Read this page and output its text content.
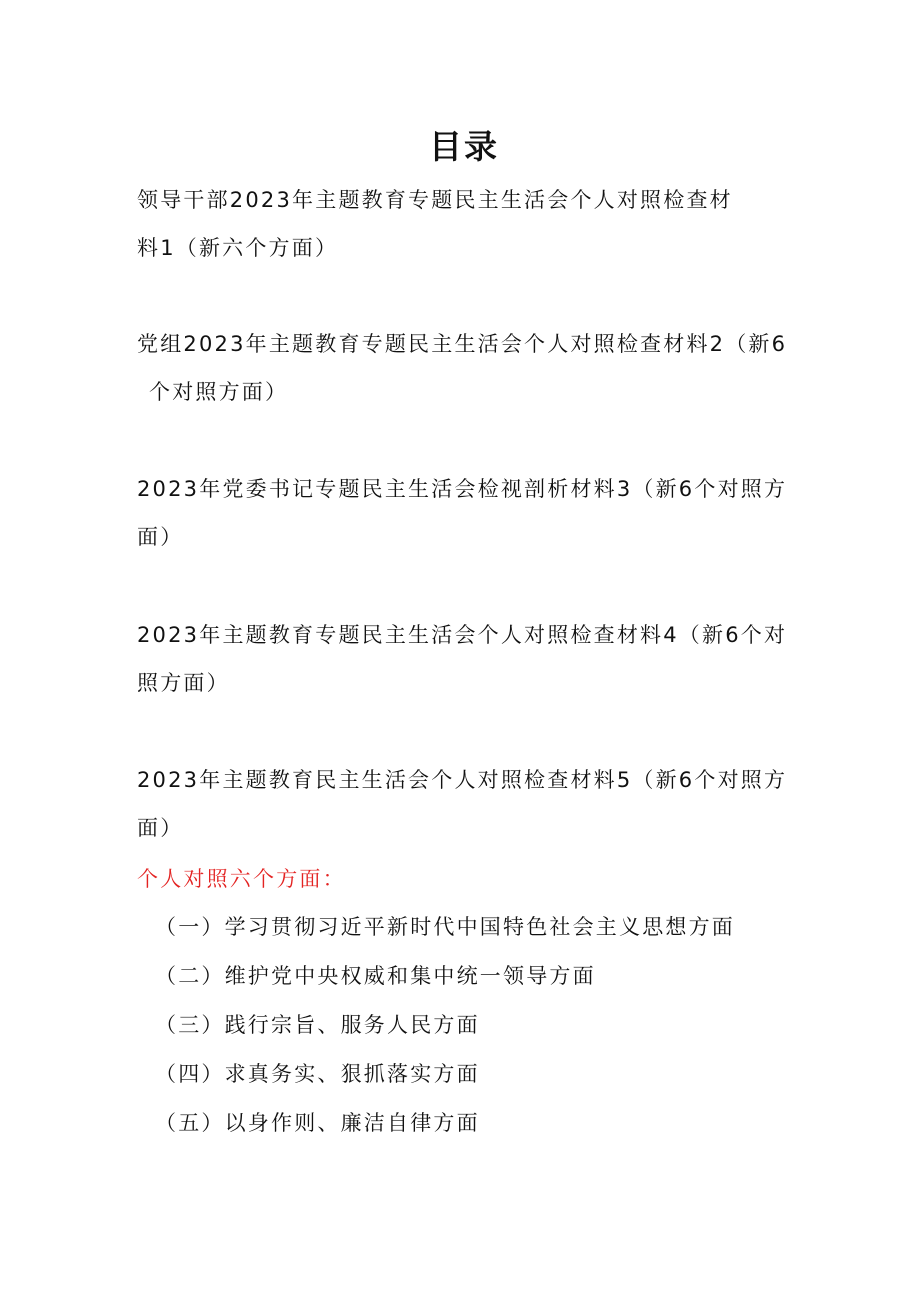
目录
领导干部2023年主题教育专题民主生活会个人对照检查材
料1（新六个方面）
党组2023年主题教育专题民主生活会个人对照检查材料2（新6
个对照方面）
2023年党委书记专题民主生活会检视剖析材料3（新6个对照方
面）
2023年主题教育专题民主生活会个人对照检查材料4（新6个对
照方面）
2023年主题教育民主生活会个人对照检查材料5（新6个对照方
面）
个人对照六个方面：
（一）学习贯彻习近平新时代中国特色社会主义思想方面
（二）维护党中央权威和集中统一领导方面
（三）践行宗旨、服务人民方面
（四）求真务实、狠抓落实方面
（五）以身作则、廉洁自律方面
